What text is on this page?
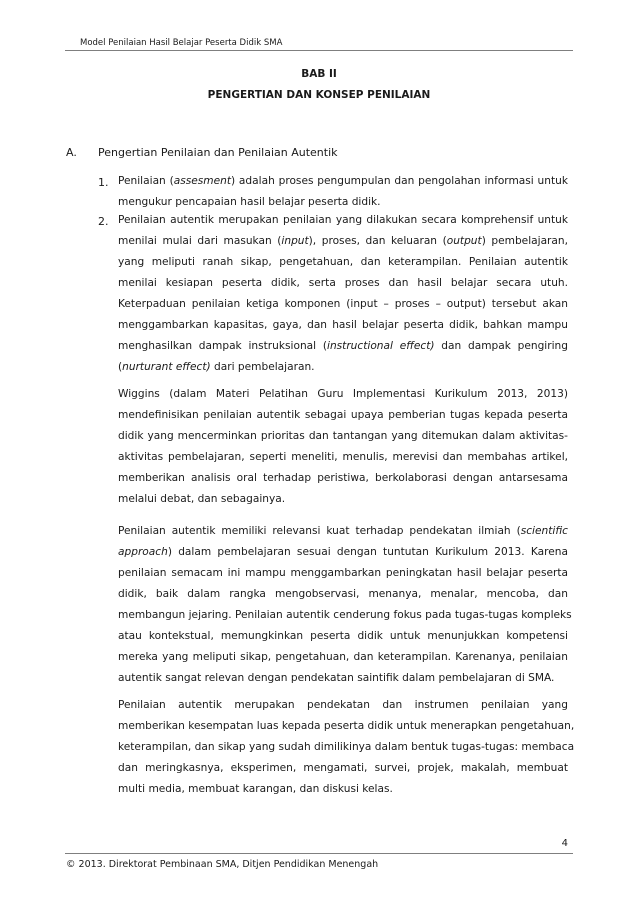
Model Penilaian Hasil Belajar Peserta Didik SMA
BAB II
PENGERTIAN DAN KONSEP PENILAIAN
A. Pengertian Penilaian dan Penilaian Autentik
1. Penilaian (assesment) adalah proses pengumpulan dan pengolahan informasi untuk
mengukur pencapaian hasil belajar peserta didik.
2. Penilaian autentik merupakan penilaian yang dilakukan secara komprehensif untuk
menilai mulai dari masukan (input), proses, dan keluaran (output) pembelajaran,
yang meliputi ranah sikap, pengetahuan, dan keterampilan. Penilaian autentik
menilai kesiapan peserta didik, serta proses dan hasil belajar secara utuh.
Keterpaduan penilaian ketiga komponen (input – proses – output) tersebut akan
menggambarkan kapasitas, gaya, dan hasil belajar peserta didik, bahkan mampu
menghasilkan dampak instruksional (instructional effect) dan dampak pengiring
(nurturant effect) dari pembelajaran.
Wiggins (dalam Materi Pelatihan Guru Implementasi Kurikulum 2013, 2013)
mendefinisikan penilaian autentik sebagai upaya pemberian tugas kepada peserta
didik yang mencerminkan prioritas dan tantangan yang ditemukan dalam aktivitas-
aktivitas pembelajaran, seperti meneliti, menulis, merevisi dan membahas artikel,
memberikan analisis oral terhadap peristiwa, berkolaborasi dengan antarsesama
melalui debat, dan sebagainya.
Penilaian autentik memiliki relevansi kuat terhadap pendekatan ilmiah (scientific
approach) dalam pembelajaran sesuai dengan tuntutan Kurikulum 2013. Karena
penilaian semacam ini mampu menggambarkan peningkatan hasil belajar peserta
didik, baik dalam rangka mengobservasi, menanya, menalar, mencoba, dan
membangun jejaring. Penilaian autentik cenderung fokus pada tugas-tugas kompleks
atau kontekstual, memungkinkan peserta didik untuk menunjukkan kompetensi
mereka yang meliputi sikap, pengetahuan, dan keterampilan. Karenanya, penilaian
autentik sangat relevan dengan pendekatan saintifik dalam pembelajaran di SMA.
Penilaian autentik merupakan pendekatan dan instrumen penilaian yang
memberikan kesempatan luas kepada peserta didik untuk menerapkan pengetahuan,
keterampilan, dan sikap yang sudah dimilikinya dalam bentuk tugas-tugas: membaca
dan meringkasnya, eksperimen, mengamati, survei, projek, makalah, membuat
multi media, membuat karangan, dan diskusi kelas.
4
© 2013. Direktorat Pembinaan SMA, Ditjen Pendidikan Menengah
